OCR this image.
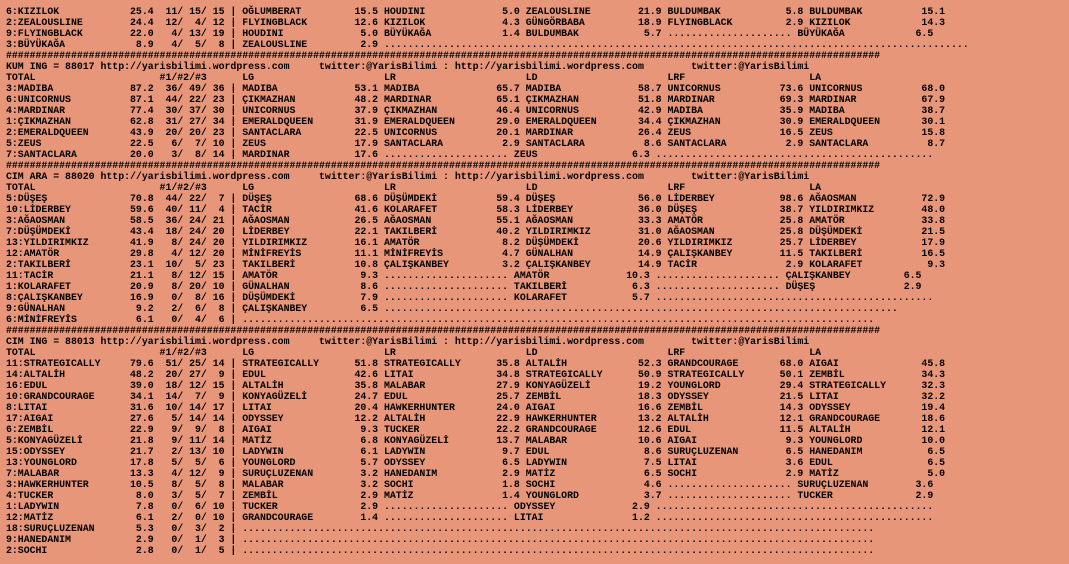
6:KIZILOK            25.4  11/ 15/ 15 | OĞLUMBERAT         15.5 HOUDINI             5.0 ZEALOUSLINE        21.9 BULDUMBAK           5.8 BULDUMBAK          15.1
2:ZEALOUSLINE        24.4  12/  4/ 12 | FLYINGBLACK        12.6 KIZILOK             4.3 GÜNGÖRBABA         18.9 FLYINGBLACK         2.9 KIZILOK            14.3
9:FLYINGBLACK        22.0   4/ 13/ 19 | HOUDINI             5.0 BÜYÜKAĞA            1.4 BULDUMBAK           5.7 ..................... BÜYÜKAĞA            6.5
3:BÜYÜKAĞA            8.9   4/  5/  8 | ZEALOUSLINE         2.9 ...................................................................................................
####################################################################################################################################################
KUM ING = 88017 http://yarisbilimi.wordpress.com     twitter:@YarisBilimi : http://yarisbilimi.wordpress.com        twitter:@YarisBilimi
TOTAL                     #1/#2/#3      LG                      LR                      LD                      LRF                     LA
3:MADIBA             87.2  36/ 49/ 36 | MADIBA             53.1 MADIBA             65.7 MADIBA             58.7 UNICORNUS          73.6 UNICORNUS          68.0
6:UNICORNUS          87.1  44/ 22/ 23 | ÇIKMAZHAN          48.2 MARDINAR           65.1 ÇIKMAZHAN          51.8 MARDINAR           69.3 MARDINAR           67.9
4:MARDINAR           77.4  30/ 37/ 30 | UNICORNUS          37.9 ÇIKMAZHAN          46.4 UNICORNUS          42.9 MADIBA             35.9 MADIBA             38.7
1:ÇIKMAZHAN          62.8  31/ 27/ 34 | EMERALDQUEEN       31.9 EMERALDQUEEN       29.0 EMERALDQUEEN       34.4 ÇIKMAZHAN          30.9 EMERALDQUEEN       30.1
2:EMERALDQUEEN       43.9  20/ 20/ 23 | SANTACLARA         22.5 UNICORNUS          20.1 MARDINAR           26.4 ZEUS               16.5 ZEUS               15.8
5:ZEUS               22.5   6/  7/ 10 | ZEUS               17.9 SANTACLARA          2.9 SANTACLARA          8.6 SANTACLARA          2.9 SANTACLARA          8.7
7:SANTACLARA         20.0   3/  8/ 14 | MARDINAR           17.6 ..................... ZEUS                6.3 ...............................................
####################################################################################################################################################
CIM ARA = 88020 http://yarisbilimi.wordpress.com     twitter:@YarisBilimi : http://yarisbilimi.wordpress.com        twitter:@YarisBilimi
TOTAL                     #1/#2/#3      LG                      LR                      LD                      LRF                     LA
5:DÜŞEŞ              70.8  44/ 22/  7 | DÜŞEŞ              68.6 DÜŞÜMDEKİ          59.4 DÜŞEŞ              56.0 LİDERBEY           98.6 AĞAOSMAN           72.9
10:LİDERBEY          59.6  40/ 11/  4 | TACİR              41.6 KOLARAFET          58.3 LİDERBEY           36.0 DÜŞEŞ              38.7 YILDIRIMKIZ        48.0
3:AĞAOSMAN           58.5  36/ 24/ 21 | AĞAOSMAN           26.5 AĞAOSMAN           55.1 AĞAOSMAN           33.3 AMATÖR             25.8 AMATÖR             33.8
7:DÜŞÜMDEKİ          43.4  18/ 24/ 20 | LİDERBEY           22.1 TAKILBERİ          40.2 YILDIRIMKIZ        31.0 AĞAOSMAN           25.8 DÜŞÜMDEKİ          21.5
13:YILDIRIMKIZ       41.9   8/ 24/ 20 | YILDIRIMKIZ        16.1 AMATÖR              8.2 DÜŞÜMDEKİ          20.6 YILDIRIMKIZ        25.7 LİDERBEY           17.9
12:AMATÖR            29.8   4/ 12/ 20 | MİNİFREYİS         11.1 MİNİFREYİS          4.7 GÜNALHAN           14.9 ÇALIŞKANBEY        11.5 TAKILBERİ          16.5
2:TAKILBERİ          23.1  10/  5/ 23 | TAKILBERİ          10.8 ÇALIŞKANBEY         3.2 ÇALIŞKANBEY        14.9 TACİR               2.9 KOLARAFET           9.3
11:TACİR             21.1   8/ 12/ 15 | AMATÖR              9.3 ..................... AMATÖR             10.3 ..................... ÇALIŞKANBEY         6.5
1:KOLARAFET          20.9   8/ 20/ 10 | GÜNALHAN            8.6 ..................... TAKILBERİ           6.3 ..................... DÜŞEŞ               2.9
8:ÇALIŞKANBEY        16.9   0/  8/ 16 | DÜŞÜMDEKİ           7.9 ..................... KOLARAFET           5.7 ...............................................
9:GÜNALHAN            9.2   2/  6/  8 | ÇALIŞKANBEY         6.5 .......................................................................................
6:MİNİFREYİS          6.1   0/  4/  6 | ...........................................................................................................
####################################################################################################################################################
CIM ING = 88013 http://yarisbilimi.wordpress.com     twitter:@YarisBilimi : http://yarisbilimi.wordpress.com        twitter:@YarisBilimi
TOTAL                     #1/#2/#3      LG                      LR                      LD                      LRF                     LA
11:STRATEGICALLY     79.6  51/ 25/ 14 | STRATEGICALLY      51.8 STRATEGICALLY      35.8 ALTALİH            52.3 GRANDCOURAGE       68.0 AIGAI              45.8
14:ALTALİH           48.2  20/ 27/  9 | EDUL               42.6 LITAI              34.8 STRATEGICALLY      50.9 STRATEGICALLY      50.1 ZEMBİL             34.3
16:EDUL              39.0  18/ 12/ 15 | ALTALİH            35.8 MALABAR            27.9 KONYAGÜZELİ        19.2 YOUNGLORD          29.4 STRATEGICALLY      32.3
10:GRANDCOURAGE      34.1  14/  7/  9 | KONYAGÜZELİ        24.7 EDUL               25.7 ZEMBİL             18.3 ODYSSEY            21.5 LITAI              32.2
8:LITAI              31.6  10/ 14/ 17 | LITAI              20.4 HAWKERHUNTER       24.0 AIGAI              16.6 ZEMBİL             14.3 ODYSSEY            19.4
17:AIGAI             27.6   5/ 14/ 14 | ODYSSEY            12.2 ALTALİH            22.9 HAWKERHUNTER       13.2 ALTALİH            12.1 GRANDCOURAGE       18.6
6:ZEMBİL             22.9   9/  9/  8 | AIGAI               9.3 TUCKER             22.2 GRANDCOURAGE       12.6 EDUL               11.5 ALTALİH            12.1
5:KONYAGÜZELİ        21.8   9/ 11/ 14 | MATİZ               6.8 KONYAGÜZELİ        13.7 MALABAR            10.6 AIGAI               9.3 YOUNGLORD          10.0
15:ODYSSEY           21.7   2/ 13/ 10 | LADYWIN             6.1 LADYWIN             9.7 EDUL                8.6 SURUÇLUZENAN        6.5 HANEDANIM           6.5
13:YOUNGLORD         17.8   5/  5/  6 | YOUNGLORD           5.7 ODYSSEY             6.5 LADYWIN             7.5 LITAI               3.6 EDUL                6.5
7:MALABAR            13.3   4/ 12/  9 | SURUÇLUZENAN        3.2 HANEDANIM           2.9 MATİZ               6.5 SOCHI               2.9 MATİZ               5.0
3:HAWKERHUNTER       10.5   8/  5/  8 | MALABAR             3.2 SOCHI               1.8 SOCHI               4.6 ..................... SURUÇLUZENAN        3.6
4:TUCKER              8.0   3/  5/  7 | ZEMBİL              2.9 MATİZ               1.4 YOUNGLORD           3.7 ..................... TUCKER              2.9
1:LADYWIN             7.8   0/  6/ 10 | TUCKER              2.9 ..................... ODYSSEY             2.9 ...............................................
12:MATİZ              6.1   2/  0/ 10 | GRANDCOURAGE        1.4 ..................... LITAI               1.2 ...............................................
18:SURUÇLUZENAN       5.3   0/  3/  2 | ...........................................................................................................
9:HANEDANIM           2.9   0/  1/  3 | ...........................................................................................................
2:SOCHI               2.8   0/  1/  5 | ...........................................................................................................
